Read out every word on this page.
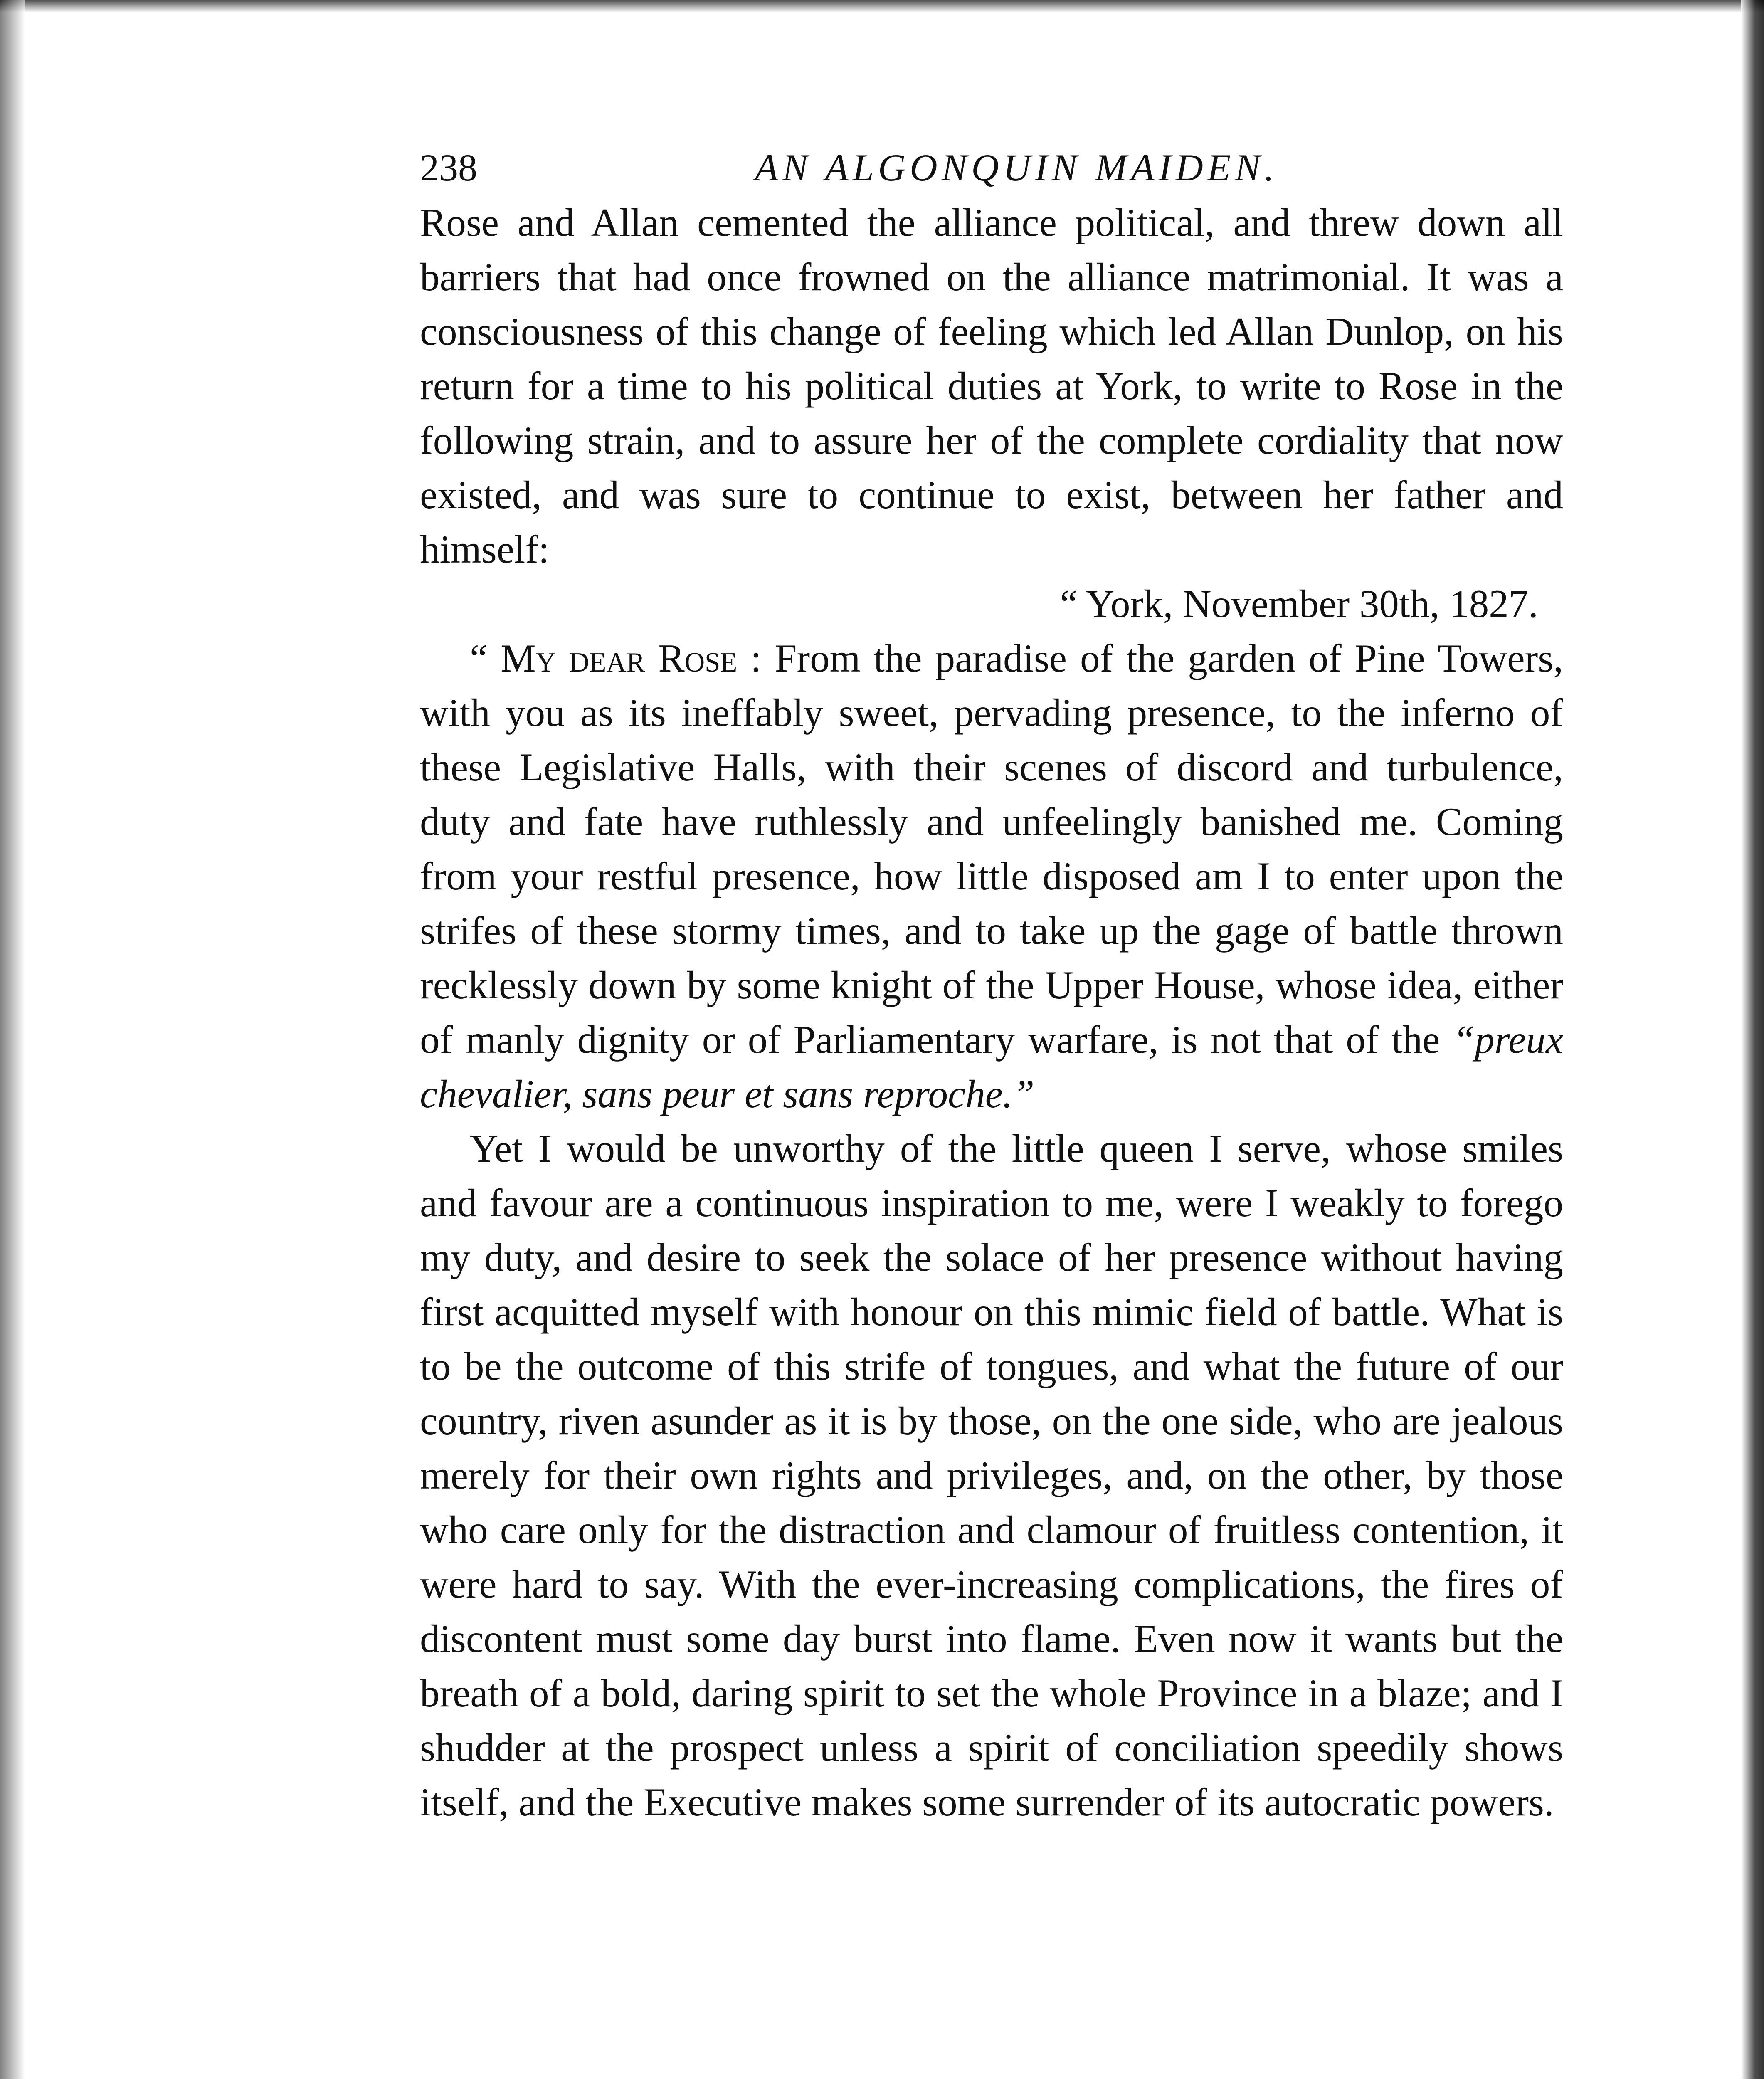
238	AN ALGONQUIN MAIDEN.

Rose and Allan cemented the alliance political, and threw down all barriers that had once frowned on the alliance matrimonial. It was a consciousness of this change of feeling which led Allan Dunlop, on his return for a time to his political duties at York, to write to Rose in the following strain, and to assure her of the complete cordiality that now existed, and was sure to continue to exist, between her father and himself:

“ York, November 30th, 1827.

“ My dear Rose : From the paradise of the garden of Pine Towers, with you as its ineffably sweet, pervading presence, to the inferno of these Legislative Halls, with their scenes of discord and turbulence, duty and fate have ruthlessly and unfeelingly banished me. Coming from your restful presence, how little disposed am I to enter upon the strifes of these stormy times, and to take up the gage of battle thrown recklessly down by some knight of the Upper House, whose idea, either of manly dignity or of Parliamentary warfare, is not that of the “preux chevalier, sans peur et sans reproche.”

Yet I would be unworthy of the little queen I serve, whose smiles and favour are a continuous inspiration to me, were I weakly to forego my duty, and desire to seek the solace of her presence without having first acquitted myself with honour on this mimic field of battle. What is to be the outcome of this strife of tongues, and what the future of our country, riven asunder as it is by those, on the one side, who are jealous merely for their own rights and privileges, and, on the other, by those who care only for the distraction and clamour of fruitless contention, it were hard to say. With the ever-increasing complications, the fires of discontent must some day burst into flame. Even now it wants but the breath of a bold, daring spirit to set the whole Province in a blaze; and I shudder at the prospect unless a spirit of conciliation speedily shows itself, and the Executive makes some surrender of its autocratic powers.
